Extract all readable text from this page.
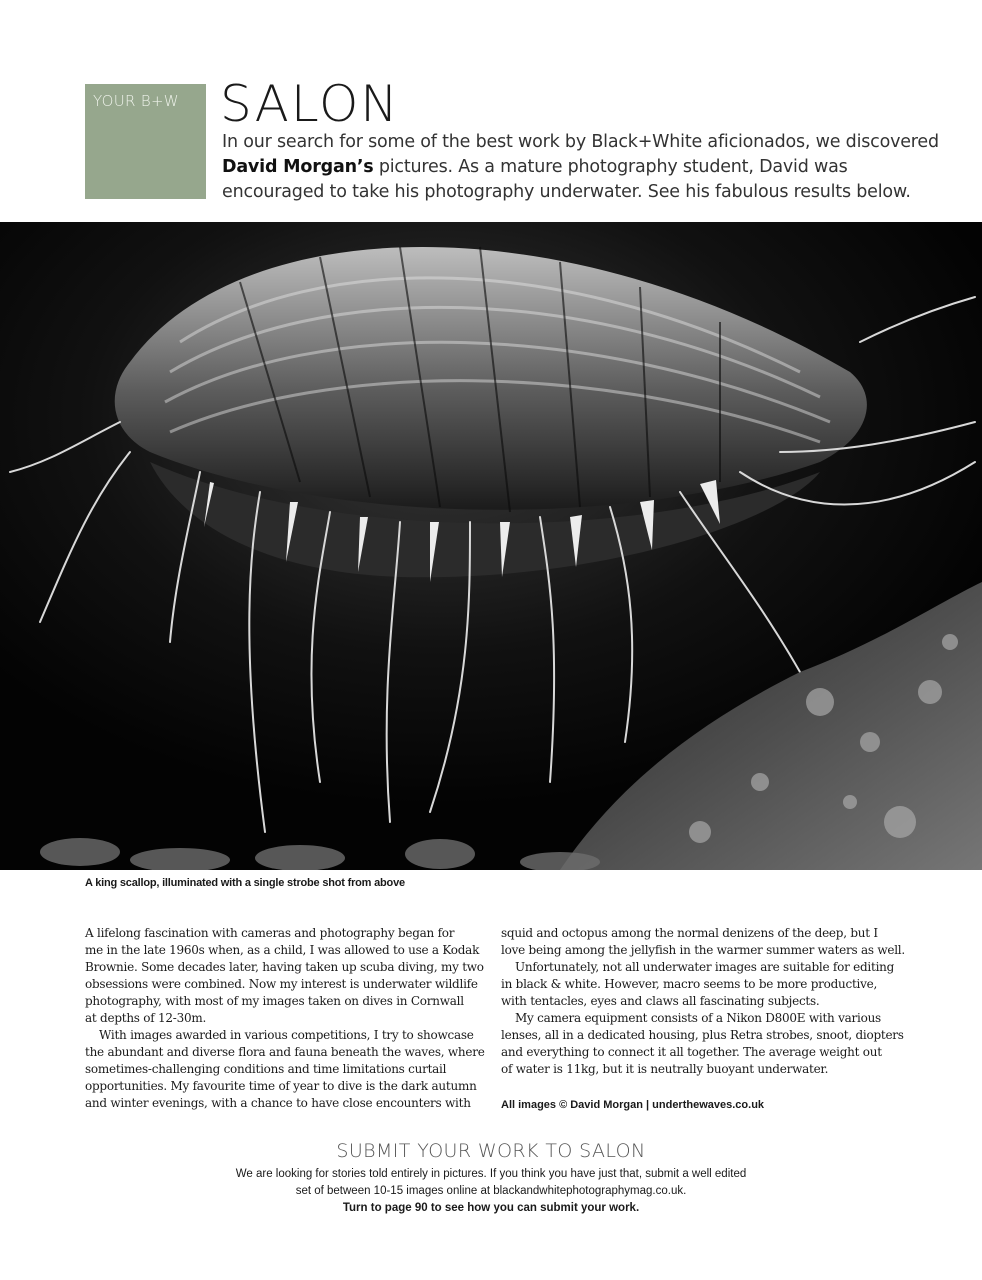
YOUR B+W SALON

In our search for some of the best work by Black+White aficionados, we discovered

David Morgan’s pictures. As a mature photography student, David was

encouraged to take his photography underwater. See his fabulous results below.

A king scallop, illuminated with a single strobe shot from above

A lifelong fascination with cameras and photography began for

me in the late 1960s when, as a child, I was allowed to use a Kodak

Brownie. Some decades later, having taken up scuba diving, my two

obsessions were combined. Now my interest is underwater wildlife

photography, with most of my images taken on dives in Cornwall

at depths of 12-30m.

With images awarded in various competitions, I try to showcase

the abundant and diverse flora and fauna beneath the waves, where

sometimes-challenging conditions and time limitations curtail

opportunities. My favourite time of year to dive is the dark autumn

and winter evenings, with a chance to have close encounters with

squid and octopus among the normal denizens of the deep, but I

love being among the jellyfish in the warmer summer waters as well.

Unfortunately, not all underwater images are suitable for editing

in black & white. However, macro seems to be more productive,

with tentacles, eyes and claws all fascinating subjects.

My camera equipment consists of a Nikon D800E with various

lenses, all in a dedicated housing, plus Retra strobes, snoot, diopters

and everything to connect it all together. The average weight out

of water is 11kg, but it is neutrally buoyant underwater.

All images © David Morgan | underthewaves.co.uk
SUBMIT YOUR WORK TO SALON

We are looking for stories told entirely in pictures. If you think you have just that, submit a well edited

set of between 10-15 images online at blackandwhitephotographymag.co.uk.

Turn to page 90 to see how you can submit your work.
